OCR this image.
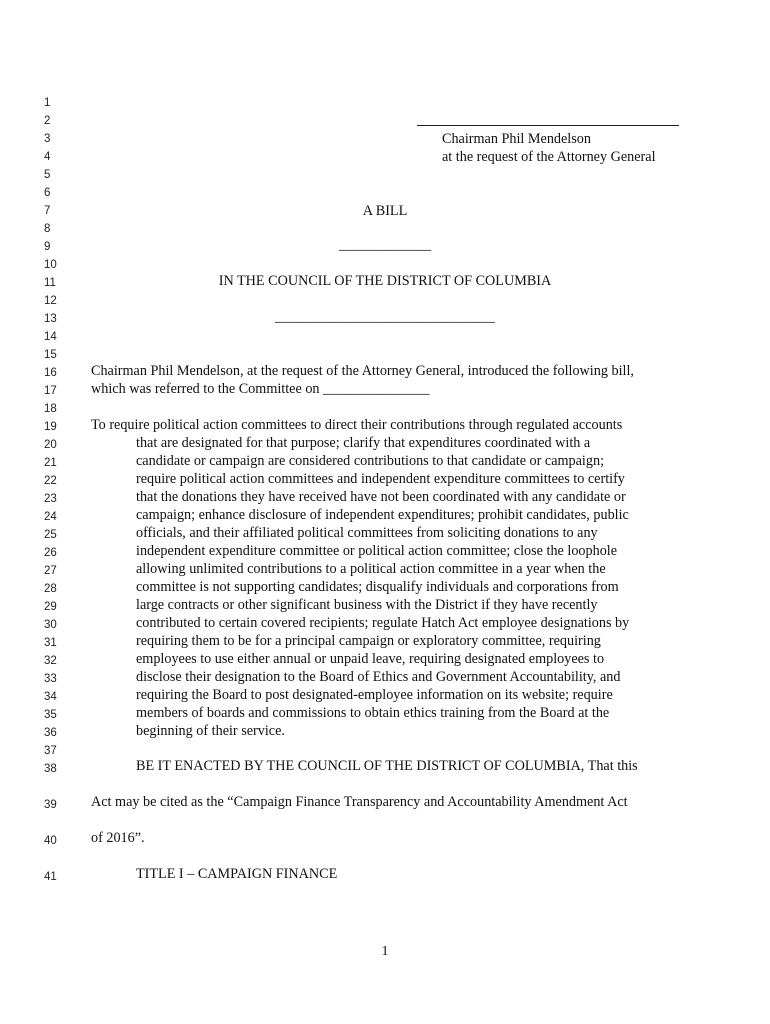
1
2
3
4
5
6
7
8
9
10
11
12
13
14
15
16
17
18
19
20
21
22
23
24
25
26
27
28
29
30
31
32
33
34
35
36
37
38
39
40
41
Chairman Phil Mendelson
at the request of the Attorney General
A BILL
_____________
IN THE COUNCIL OF THE DISTRICT OF COLUMBIA
_______________________________
Chairman Phil Mendelson, at the request of the Attorney General, introduced the following bill,
which was referred to the Committee on _______________
To require political action committees to direct their contributions through regulated accounts
that are designated for that purpose; clarify that expenditures coordinated with a
candidate or campaign are considered contributions to that candidate or campaign;
require political action committees and independent expenditure committees to certify
that the donations they have received have not been coordinated with any candidate or
campaign; enhance disclosure of independent expenditures; prohibit candidates, public
officials, and their affiliated political committees from soliciting donations to any
independent expenditure committee or political action committee; close the loophole
allowing unlimited contributions to a political action committee in a year when the
committee is not supporting candidates; disqualify individuals and corporations from
large contracts or other significant business with the District if they have recently
contributed to certain covered recipients; regulate Hatch Act employee designations by
requiring them to be for a principal campaign or exploratory committee, requiring
employees to use either annual or unpaid leave, requiring designated employees to
disclose their designation to the Board of Ethics and Government Accountability, and
requiring the Board to post designated-employee information on its website; require
members of boards and commissions to obtain ethics training from the Board at the
beginning of their service.
BE IT ENACTED BY THE COUNCIL OF THE DISTRICT OF COLUMBIA, That this
Act may be cited as the “Campaign Finance Transparency and Accountability Amendment Act
of 2016”.
TITLE I – CAMPAIGN FINANCE
1
